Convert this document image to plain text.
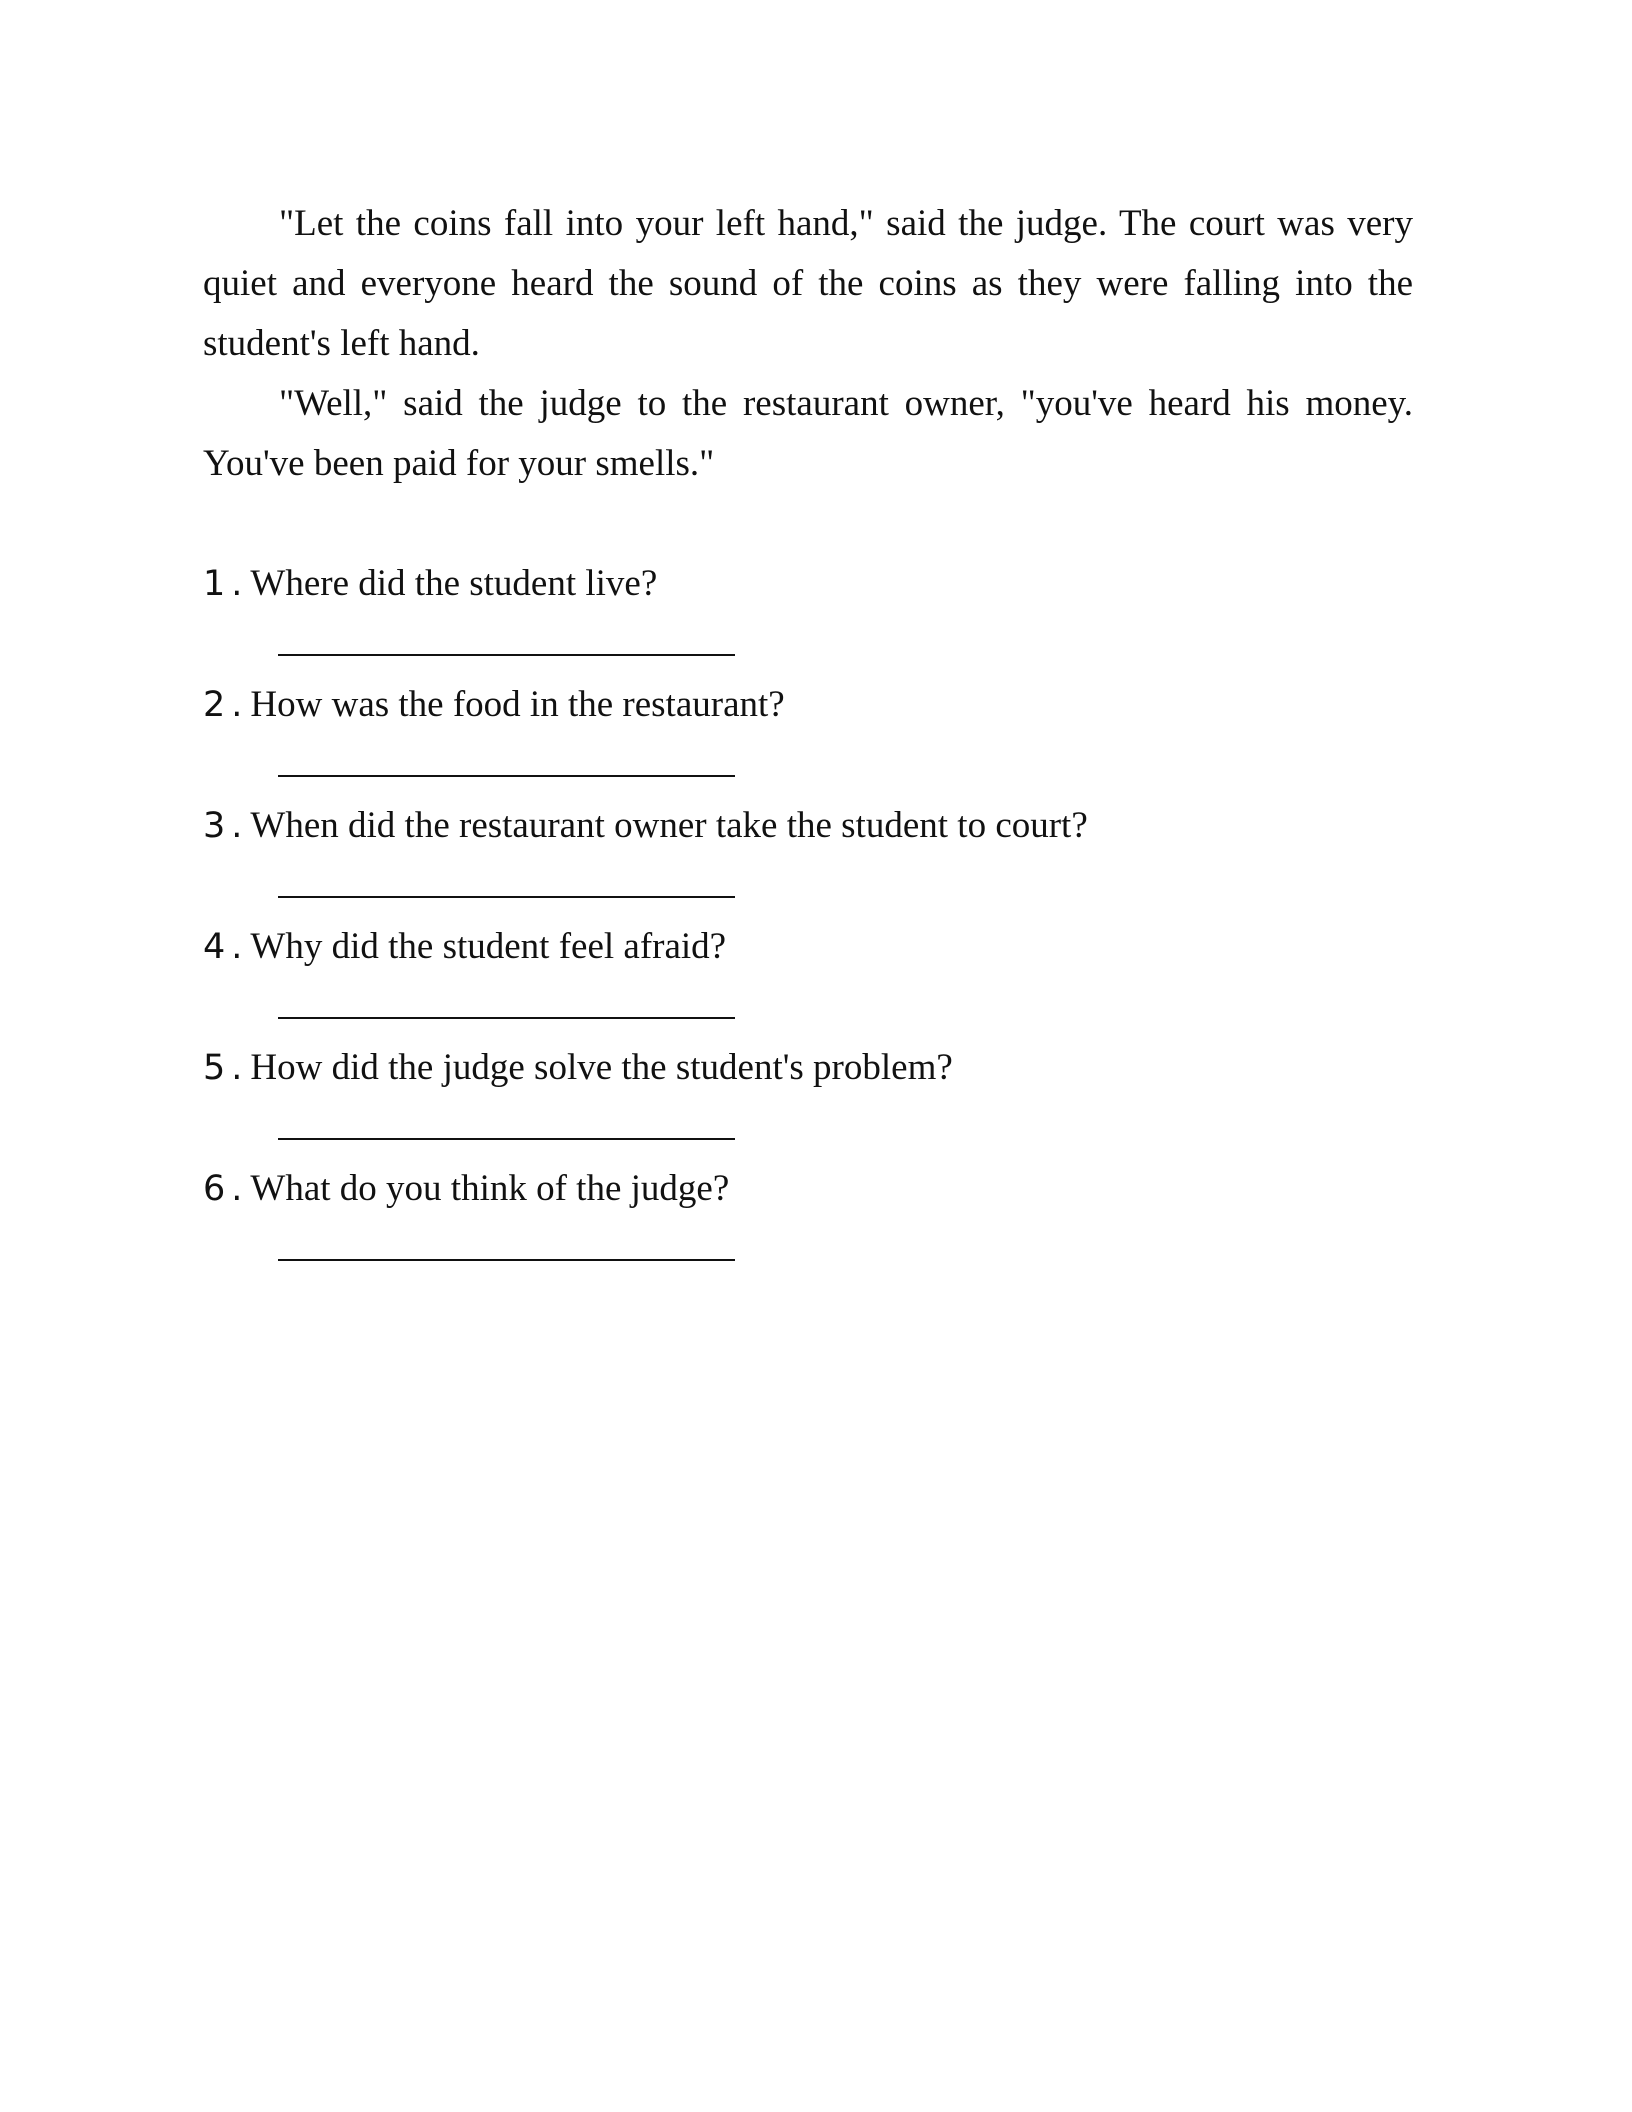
"Let the coins fall into your left hand," said the judge. The court was very quiet and everyone heard the sound of the coins as they were falling into the student's left hand.

"Well," said the judge to the restaurant owner, "you've heard his money. You've been paid for your smells."

1 . Where did the student live?
2 . How was the food in the restaurant?
3 . When did the restaurant owner take the student to court?
4 . Why did the student feel afraid?
5 . How did the judge solve the student's problem?
6 . What do you think of the judge?
